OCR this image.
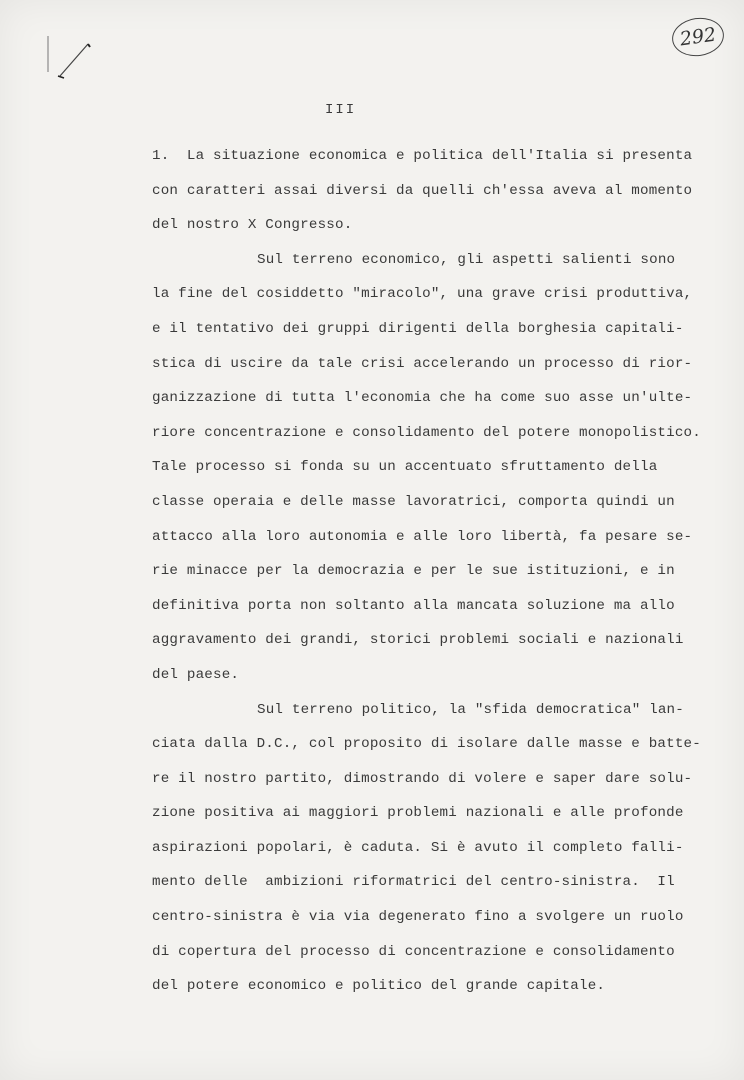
292
III
1.  La situazione economica e politica dell'Italia si presenta
con caratteri assai diversi da quelli ch'essa aveva al momento
del nostro X Congresso.
Sul terreno economico, gli aspetti salienti sono
la fine del cosiddetto "miracolo", una grave crisi produttiva,
e il tentativo dei gruppi dirigenti della borghesia capitali-
stica di uscire da tale crisi accelerando un processo di rior-
ganizzazione di tutta l'economia che ha come suo asse un'ulte-
riore concentrazione e consolidamento del potere monopolistico.
Tale processo si fonda su un accentuato sfruttamento della
classe operaia e delle masse lavoratrici, comporta quindi un
attacco alla loro autonomia e alle loro libertà, fa pesare se-
rie minacce per la democrazia e per le sue istituzioni, e in
definitiva porta non soltanto alla mancata soluzione ma allo
aggravamento dei grandi, storici problemi sociali e nazionali
del paese.
Sul terreno politico, la "sfida democratica" lan-
ciata dalla D.C., col proposito di isolare dalle masse e batte-
re il nostro partito, dimostrando di volere e saper dare solu-
zione positiva ai maggiori problemi nazionali e alle profonde
aspirazioni popolari, è caduta. Si è avuto il completo falli-
mento delle  ambizioni riformatrici del centro-sinistra.  Il
centro-sinistra è via via degenerato fino a svolgere un ruolo
di copertura del processo di concentrazione e consolidamento
del potere economico e politico del grande capitale.
